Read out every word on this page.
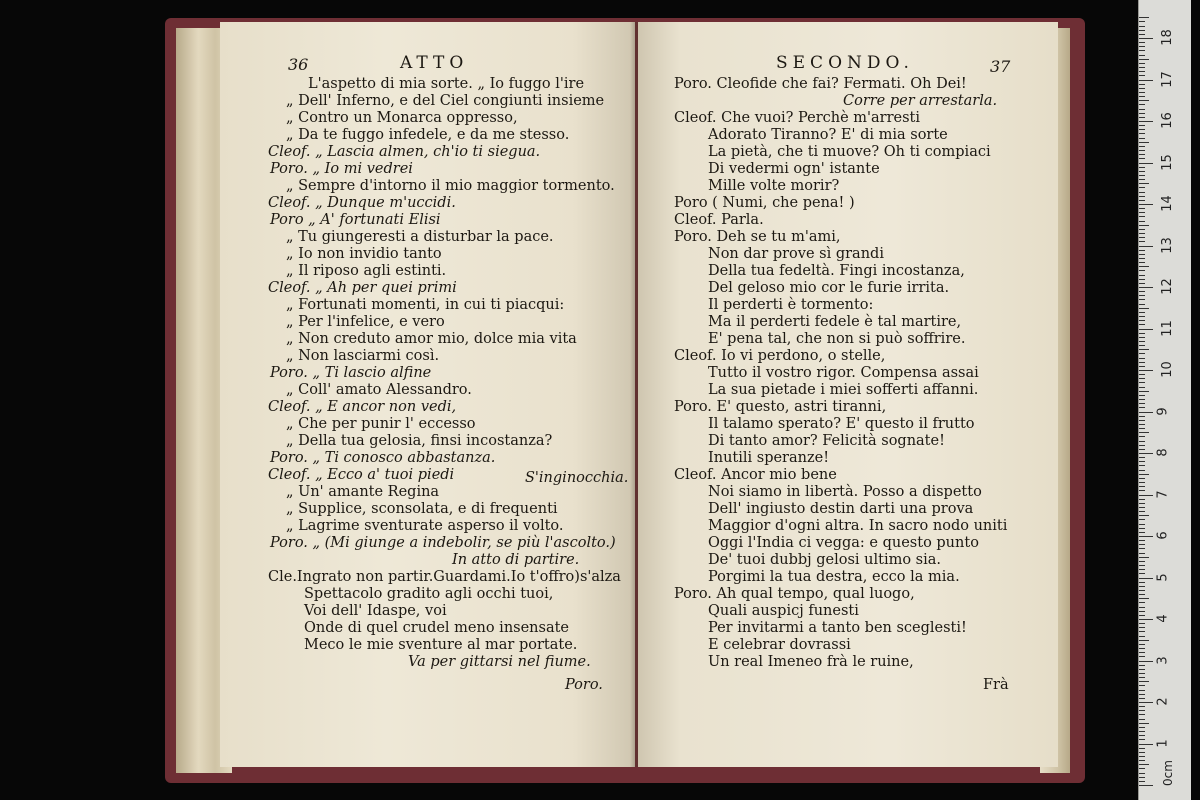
36	ATTO
L'aspetto di mia sorte. „ Io fuggo l'ire
„ Dell' Inferno, e del Ciel congiunti insieme
„ Contro un Monarca oppresso,
„ Da te fuggo infedele, e da me stesso.
Cleof. „ Lascia almen, ch'io ti siegua.
Poro. „ Io mi vedrei
„ Sempre d'intorno il mio maggior tormento.
Cleof. „ Dunque m'uccidi.
Poro „ A' fortunati Elisi
„ Tu giungeresti a disturbar la pace.
„ Io non invidio tanto
„ Il riposo agli estinti.
Cleof. „ Ah per quei primi
„ Fortunati momenti, in cui ti piacqui:
„ Per l'infelice, e vero
„ Non creduto amor mio, dolce mia vita
„ Non lasciarmi così.
Poro. „ Ti lascio alfine
„ Coll' amato Alessandro.
Cleof. „ E ancor non vedi,
„ Che per punir l' eccesso
„ Della tua gelosia, finsi incostanza?
Poro. „ Ti conosco abbastanza.
Cleof. „ Ecco a' tuoi piedi	S'inginocchia.
„ Un' amante Regina
„ Supplice, sconsolata, e di frequenti
„ Lagrime sventurate asperso il volto.
Poro. „ (Mi giunge a indebolir, se più l'ascolto.)
In atto di partire.
Cle.Ingrato non partir.Guardami.Io t'offro)s'alza
Spettacolo gradito agli occhi tuoi,
Voi dell' Idaspe, voi
Onde di quel crudel meno insensate
Meco le mie sventure al mar portate.
Va per gittarsi nel fiume.
Poro.
SECONDO.	37
Poro. Cleofide che fai? Fermati. Oh Dei!
Corre per arrestarla.
Cleof. Che vuoi? Perchè m'arresti
Adorato Tiranno? E' di mia sorte
La pietà, che ti muove? Oh ti compiaci
Di vedermi ogn' istante
Mille volte morir?
Poro ( Numi, che pena! )
Cleof. Parla.
Poro. Deh se tu m'ami,
Non dar prove sì grandi
Della tua fedeltà. Fingi incostanza,
Del geloso mio cor le furie irrita.
Il perderti è tormento:
Ma il perderti fedele è tal martire,
E' pena tal, che non si può soffrire.
Cleof. Io vi perdono, o stelle,
Tutto il vostro rigor. Compensa assai
La sua pietade i miei sofferti affanni.
Poro. E' questo, astri tiranni,
Il talamo sperato? E' questo il frutto
Di tanto amor? Felicità sognate!
Inutili speranze!
Cleof. Ancor mio bene
Noi siamo in libertà. Posso a dispetto
Dell' ingiusto destin darti una prova
Maggior d'ogni altra. In sacro nodo uniti
Oggi l'India ci vegga: e questo punto
De' tuoi dubbj gelosi ultimo sia.
Porgimi la tua destra, ecco la mia.
Poro. Ah qual tempo, qual luogo,
Quali auspicj funesti
Per invitarmi a tanto ben sceglesti!
E celebrar dovrassi
Un real Imeneo frà le ruine,
Frà
0cm
1
2
3
4
5
6
7
8
9
10
11
12
13
14
15
16
17
18
